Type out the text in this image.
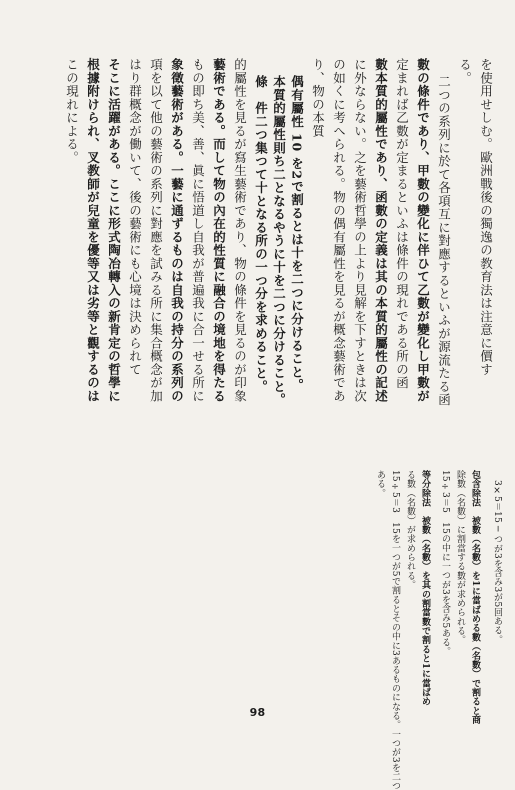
を使用せしむ。歐洲戰後の獨逸の教育法は注意に價す
る。
二つの系列に於て各項互に對應するといふが源流たる函
數の條件であり、甲數の變化に伴ひて乙數が變化し甲數が
定まれば乙數が定まるといふは條件の現れである所の函
數本質的屬性であり、函數の定義は其の本質的屬性の記述
に外ならない。之を藝術哲學の上より見解を下すときは次
の如くに考へられる。物の偶有屬性を見るが概念藝術であ
り、物の本質
偶有屬性 10 を2で割るとは十を二つに分けること。
本質的屬性則ち二となるやうに十を二つに分けること。
條　件二つ集つて十となる所の一つ分を求めること。
的屬性を見るが寫生藝術であり、物の條件を見るのが印象
藝術である。而して物の內在的性質に融合の境地を得たる
もの即ち美、善、眞に悟道し自我が普遍我に合一せる所に
象徵藝術がある。一藝に通ずるものは自我の持分の系列の
項を以て他の藝術の系列に對應を試みる所に集合概念が加
はり群概念が働いて、後の藝術にも心境は決められて
そこに活躍がある。ここに形式陶冶轉入の新肯定の哲學に
根據附けられ、叉教師が兒童を優等又は劣等と觀するのは
この現れによる。
3×5＝15 ─ つが3を含み3が5回ある。
包含除法　被數（名數）を1に當ばめる數（名數）で割ると商
除數（名數）に割當する數が求められる。
15÷3＝5　15の中に一つが3を含み5ある。
等分除法　被數（名數）を其の割當數で割ると1に當ばめ
る數（名數）が求められる。
15÷5＝3　15を一つが5で割るとその中に3あるものになる。一つが3を二つ
ある。
98
